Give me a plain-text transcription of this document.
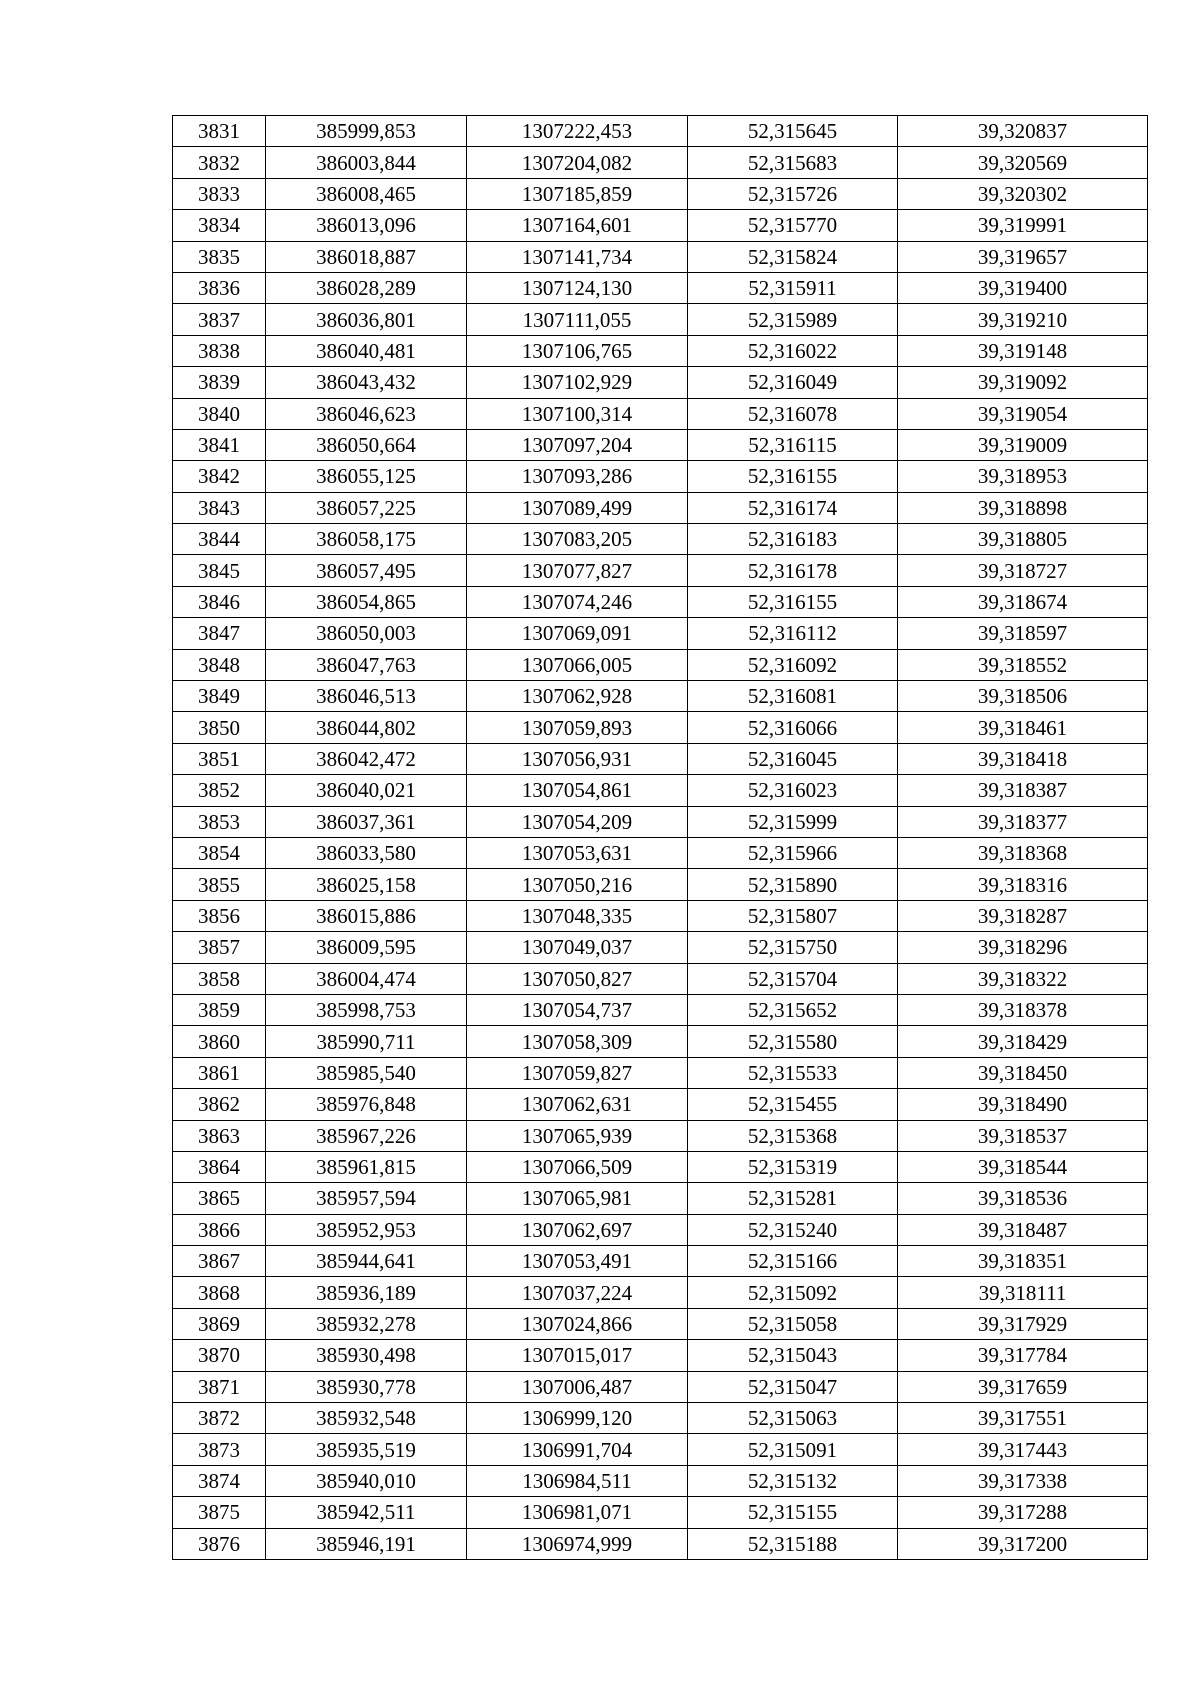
3831	385999,853	1307222,453	52,315645	39,320837
3832	386003,844	1307204,082	52,315683	39,320569
3833	386008,465	1307185,859	52,315726	39,320302
3834	386013,096	1307164,601	52,315770	39,319991
3835	386018,887	1307141,734	52,315824	39,319657
3836	386028,289	1307124,130	52,315911	39,319400
3837	386036,801	1307111,055	52,315989	39,319210
3838	386040,481	1307106,765	52,316022	39,319148
3839	386043,432	1307102,929	52,316049	39,319092
3840	386046,623	1307100,314	52,316078	39,319054
3841	386050,664	1307097,204	52,316115	39,319009
3842	386055,125	1307093,286	52,316155	39,318953
3843	386057,225	1307089,499	52,316174	39,318898
3844	386058,175	1307083,205	52,316183	39,318805
3845	386057,495	1307077,827	52,316178	39,318727
3846	386054,865	1307074,246	52,316155	39,318674
3847	386050,003	1307069,091	52,316112	39,318597
3848	386047,763	1307066,005	52,316092	39,318552
3849	386046,513	1307062,928	52,316081	39,318506
3850	386044,802	1307059,893	52,316066	39,318461
3851	386042,472	1307056,931	52,316045	39,318418
3852	386040,021	1307054,861	52,316023	39,318387
3853	386037,361	1307054,209	52,315999	39,318377
3854	386033,580	1307053,631	52,315966	39,318368
3855	386025,158	1307050,216	52,315890	39,318316
3856	386015,886	1307048,335	52,315807	39,318287
3857	386009,595	1307049,037	52,315750	39,318296
3858	386004,474	1307050,827	52,315704	39,318322
3859	385998,753	1307054,737	52,315652	39,318378
3860	385990,711	1307058,309	52,315580	39,318429
3861	385985,540	1307059,827	52,315533	39,318450
3862	385976,848	1307062,631	52,315455	39,318490
3863	385967,226	1307065,939	52,315368	39,318537
3864	385961,815	1307066,509	52,315319	39,318544
3865	385957,594	1307065,981	52,315281	39,318536
3866	385952,953	1307062,697	52,315240	39,318487
3867	385944,641	1307053,491	52,315166	39,318351
3868	385936,189	1307037,224	52,315092	39,318111
3869	385932,278	1307024,866	52,315058	39,317929
3870	385930,498	1307015,017	52,315043	39,317784
3871	385930,778	1307006,487	52,315047	39,317659
3872	385932,548	1306999,120	52,315063	39,317551
3873	385935,519	1306991,704	52,315091	39,317443
3874	385940,010	1306984,511	52,315132	39,317338
3875	385942,511	1306981,071	52,315155	39,317288
3876	385946,191	1306974,999	52,315188	39,317200
